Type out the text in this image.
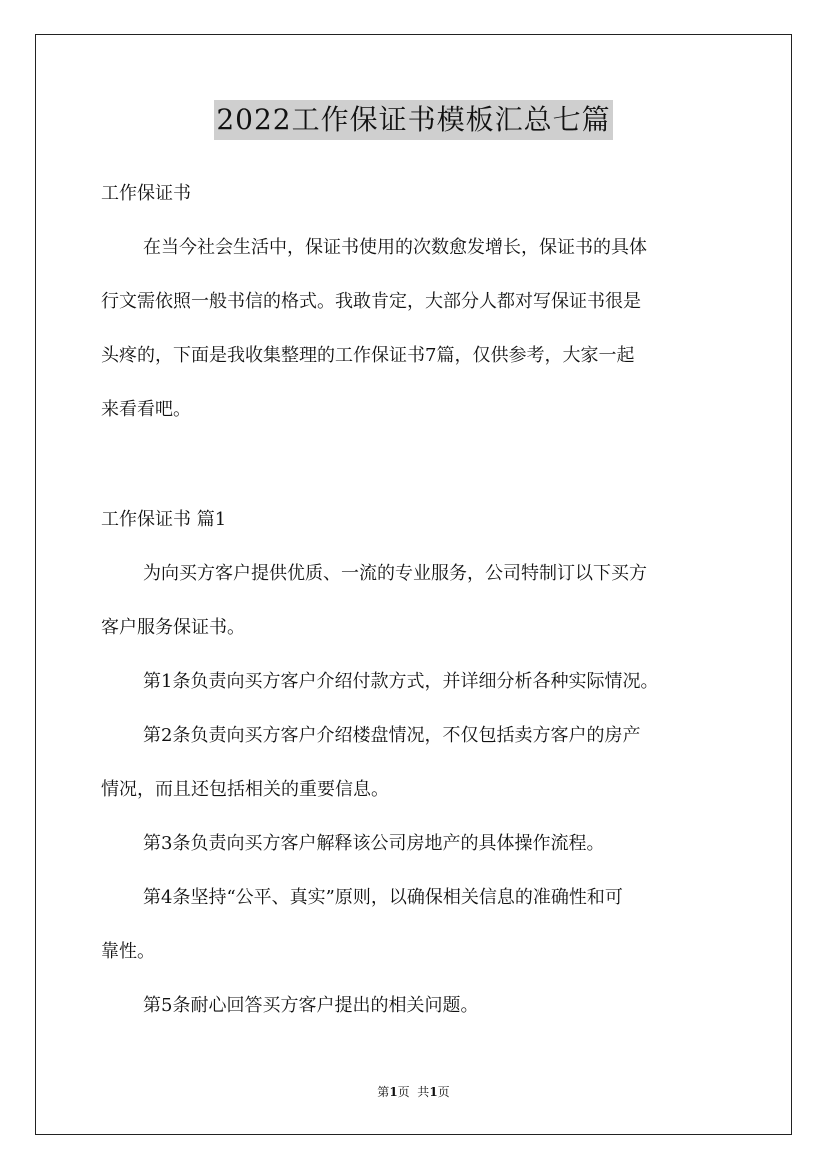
2022工作保证书模板汇总七篇
工作保证书
在当今社会生活中，保证书使用的次数愈发增长，保证书的具体
行文需依照一般书信的格式。我敢肯定，大部分人都对写保证书很是
头疼的，下面是我收集整理的工作保证书7篇，仅供参考，大家一起
来看看吧。
工作保证书 篇1
为向买方客户提供优质、一流的专业服务，公司特制订以下买方
客户服务保证书。
第1条负责向买方客户介绍付款方式，并详细分析各种实际情况。
第2条负责向买方客户介绍楼盘情况，不仅包括卖方客户的房产
情况，而且还包括相关的重要信息。
第3条负责向买方客户解释该公司房地产的具体操作流程。
第4条坚持“公平、真实”原则，以确保相关信息的准确性和可
靠性。
第5条耐心回答买方客户提出的相关问题。
第1页  共1页
